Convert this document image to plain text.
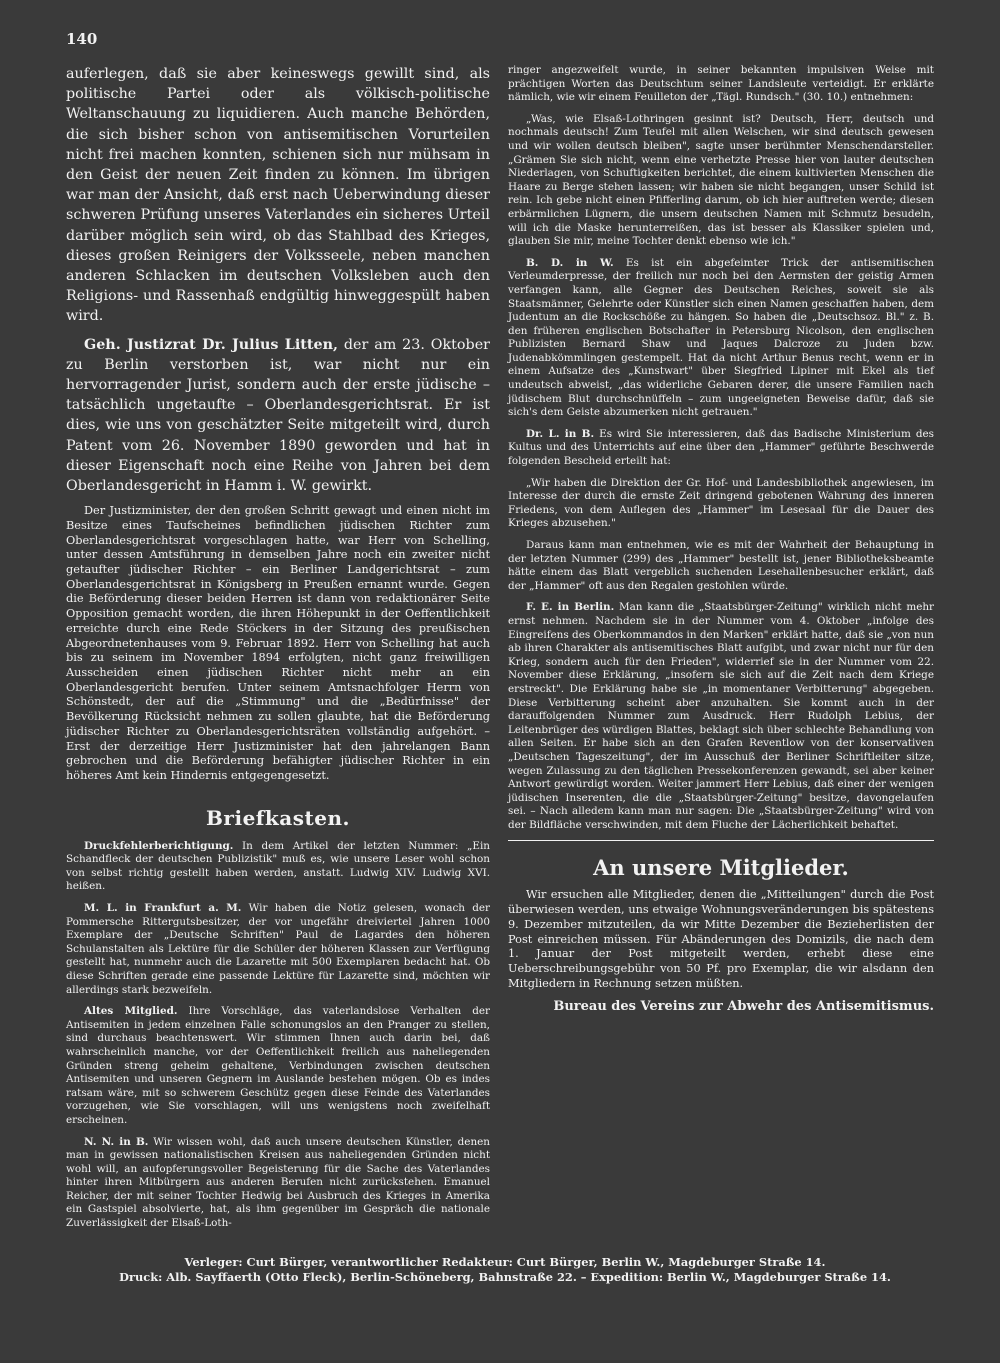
140

auferlegen, daß sie aber keineswegs gewillt sind, als politische Partei oder als völkisch-politische Weltanschauung zu liquidieren. Auch manche Behörden, die sich bisher schon von antisemitischen Vorurteilen nicht frei machen konnten, schienen sich nur mühsam in den Geist der neuen Zeit finden zu können. Im übrigen war man der Ansicht, daß erst nach Ueberwindung dieser schweren Prüfung unseres Vaterlandes ein sicheres Urteil darüber möglich sein wird, ob das Stahlbad des Krieges, dieses großen Reinigers der Volksseele, neben manchen anderen Schlacken im deutschen Volksleben auch den Religions- und Rassenhaß endgültig hinweggespült haben wird.

Geh. Justizrat Dr. Julius Litten, der am 23. Oktober zu Berlin verstorben ist, war nicht nur ein hervorragender Jurist, sondern auch der erste jüdische – tatsächlich ungetaufte – Oberlandesgerichtsrat. Er ist dies, wie uns von geschätzter Seite mitgeteilt wird, durch Patent vom 26. November 1890 geworden und hat in dieser Eigenschaft noch eine Reihe von Jahren bei dem Oberlandesgericht in Hamm i. W. gewirkt.

Der Justizminister, der den großen Schritt gewagt und einen nicht im Besitze eines Taufscheines befindlichen jüdischen Richter zum Oberlandesgerichtsrat vorgeschlagen hatte, war Herr von Schelling, unter dessen Amtsführung in demselben Jahre noch ein zweiter nicht getaufter jüdischer Richter – ein Berliner Landgerichtsrat – zum Oberlandesgerichtsrat in Königsberg in Preußen ernannt wurde. Gegen die Beförderung dieser beiden Herren ist dann von redaktionärer Seite Opposition gemacht worden, die ihren Höhepunkt in der Oeffentlichkeit erreichte durch eine Rede Stöckers in der Sitzung des preußischen Abgeordnetenhauses vom 9. Februar 1892. Herr von Schelling hat auch bis zu seinem im November 1894 erfolgten, nicht ganz freiwilligen Ausscheiden einen jüdischen Richter nicht mehr an ein Oberlandesgericht berufen. Unter seinem Amtsnachfolger Herrn von Schönstedt, der auf die „Stimmung" und die „Bedürfnisse" der Bevölkerung Rücksicht nehmen zu sollen glaubte, hat die Beförderung jüdischer Richter zu Oberlandesgerichtsräten vollständig aufgehört. – Erst der derzeitige Herr Justizminister hat den jahrelangen Bann gebrochen und die Beförderung befähigter jüdischer Richter in ein höheres Amt kein Hindernis entgegengesetzt.

Briefkasten.

Druckfehlerberichtigung. In dem Artikel der letzten Nummer: „Ein Schandfleck der deutschen Publizistik" muß es, wie unsere Leser wohl schon von selbst richtig gestellt haben werden, anstatt. Ludwig XIV. Ludwig XVI. heißen.

M. L. in Frankfurt a. M. Wir haben die Notiz gelesen, wonach der Pommersche Rittergutsbesitzer, der vor ungefähr dreiviertel Jahren 1000 Exemplare der „Deutsche Schriften" Paul de Lagardes den höheren Schulanstalten als Lektüre für die Schüler der höheren Klassen zur Verfügung gestellt hat, nunmehr auch die Lazarette mit 500 Exemplaren bedacht hat. Ob diese Schriften gerade eine passende Lektüre für Lazarette sind, möchten wir allerdings stark bezweifeln.

Altes Mitglied. Ihre Vorschläge, das vaterlandslose Verhalten der Antisemiten in jedem einzelnen Falle schonungslos an den Pranger zu stellen, sind durchaus beachtenswert. Wir stimmen Ihnen auch darin bei, daß wahrscheinlich manche, vor der Oeffentlichkeit freilich aus naheliegenden Gründen streng geheim gehaltene, Verbindungen zwischen deutschen Antisemiten und unseren Gegnern im Auslande bestehen mögen. Ob es indes ratsam wäre, mit so schwerem Geschütz gegen diese Feinde des Vaterlandes vorzugehen, wie Sie vorschlagen, will uns wenigstens noch zweifelhaft erscheinen.

N. N. in B. Wir wissen wohl, daß auch unsere deutschen Künstler, denen man in gewissen nationalistischen Kreisen aus naheliegenden Gründen nicht wohl will, an aufopferungsvoller Begeisterung für die Sache des Vaterlandes hinter ihren Mitbürgern aus anderen Berufen nicht zurückstehen. Emanuel Reicher, der mit seiner Tochter Hedwig bei Ausbruch des Krieges in Amerika ein Gastspiel absolvierte, hat, als ihm gegenüber im Gespräch die nationale Zuverlässigkeit der Elsaß-Loth-

ringer angezweifelt wurde, in seiner bekannten impulsiven Weise mit prächtigen Worten das Deutschtum seiner Landsleute verteidigt. Er erklärte nämlich, wie wir einem Feuilleton der „Tägl. Rundsch." (30. 10.) entnehmen:

„Was, wie Elsaß-Lothringen gesinnt ist? Deutsch, Herr, deutsch und nochmals deutsch! Zum Teufel mit allen Welschen, wir sind deutsch gewesen und wir wollen deutsch bleiben", sagte unser berühmter Menschendarsteller. „Grämen Sie sich nicht, wenn eine verhetzte Presse hier von lauter deutschen Niederlagen, von Schuftigkeiten berichtet, die einem kultivierten Menschen die Haare zu Berge stehen lassen; wir haben sie nicht begangen, unser Schild ist rein. Ich gebe nicht einen Pfifferling darum, ob ich hier auftreten werde; diesen erbärmlichen Lügnern, die unsern deutschen Namen mit Schmutz besudeln, will ich die Maske herunterreißen, das ist besser als Klassiker spielen und, glauben Sie mir, meine Tochter denkt ebenso wie ich."

B. D. in W. Es ist ein abgefeimter Trick der antisemitischen Verleumderpresse, der freilich nur noch bei den Aermsten der geistig Armen verfangen kann, alle Gegner des Deutschen Reiches, soweit sie als Staatsmänner, Gelehrte oder Künstler sich einen Namen geschaffen haben, dem Judentum an die Rockschöße zu hängen. So haben die „Deutschsoz. Bl." z. B. den früheren englischen Botschafter in Petersburg Nicolson, den englischen Publizisten Bernard Shaw und Jaques Dalcroze zu Juden bzw. Judenabkömmlingen gestempelt. Hat da nicht Arthur Benus recht, wenn er in einem Aufsatze des „Kunstwart" über Siegfried Lipiner mit Ekel als tief undeutsch abweist, „das widerliche Gebaren derer, die unsere Familien nach jüdischem Blut durchschnüffeln – zum ungeeigneten Beweise dafür, daß sie sich's dem Geiste abzumerken nicht getrauen."

Dr. L. in B. Es wird Sie interessieren, daß das Badische Ministerium des Kultus und des Unterrichts auf eine über den „Hammer" geführte Beschwerde folgenden Bescheid erteilt hat:

„Wir haben die Direktion der Gr. Hof- und Landesbibliothek angewiesen, im Interesse der durch die ernste Zeit dringend gebotenen Wahrung des inneren Friedens, von dem Auflegen des „Hammer" im Lesesaal für die Dauer des Krieges abzusehen."

Daraus kann man entnehmen, wie es mit der Wahrheit der Behauptung in der letzten Nummer (299) des „Hammer" bestellt ist, jener Bibliotheksbeamte hätte einem das Blatt vergeblich suchenden Lesehallenbesucher erklärt, daß der „Hammer" oft aus den Regalen gestohlen würde.

F. E. in Berlin. Man kann die „Staatsbürger-Zeitung" wirklich nicht mehr ernst nehmen. Nachdem sie in der Nummer vom 4. Oktober „infolge des Eingreifens des Oberkommandos in den Marken" erklärt hatte, daß sie „von nun ab ihren Charakter als antisemitisches Blatt aufgibt, und zwar nicht nur für den Krieg, sondern auch für den Frieden", widerrief sie in der Nummer vom 22. November diese Erklärung, „insofern sie sich auf die Zeit nach dem Kriege erstreckt". Die Erklärung habe sie „in momentaner Verbitterung" abgegeben. Diese Verbitterung scheint aber anzuhalten. Sie kommt auch in der darauffolgenden Nummer zum Ausdruck. Herr Rudolph Lebius, der Leitenbrüger des würdigen Blattes, beklagt sich über schlechte Behandlung von allen Seiten. Er habe sich an den Grafen Reventlow von der konservativen „Deutschen Tageszeitung", der im Ausschuß der Berliner Schriftleiter sitze, wegen Zulassung zu den täglichen Pressekonferenzen gewandt, sei aber keiner Antwort gewürdigt worden. Weiter jammert Herr Lebius, daß einer der wenigen jüdischen Inserenten, die die „Staatsbürger-Zeitung" besitze, davongelaufen sei. – Nach alledem kann man nur sagen: Die „Staatsbürger-Zeitung" wird von der Bildfläche verschwinden, mit dem Fluche der Lächerlichkeit behaftet.

An unsere Mitglieder.

Wir ersuchen alle Mitglieder, denen die „Mitteilungen" durch die Post überwiesen werden, uns etwaige Wohnungsveränderungen bis spätestens 9. Dezember mitzuteilen, da wir Mitte Dezember die Bezieherlisten der Post einreichen müssen. Für Abänderungen des Domizils, die nach dem 1. Januar der Post mitgeteilt werden, erhebt diese eine Ueberschreibungsgebühr von 50 Pf. pro Exemplar, die wir alsdann den Mitgliedern in Rechnung setzen müßten.

Bureau des Vereins zur Abwehr des Antisemitismus.
Verleger: Curt Bürger, verantwortlicher Redakteur: Curt Bürger, Berlin W., Magdeburger Straße 14.
Druck: Alb. Sayffaerth (Otto Fleck), Berlin-Schöneberg, Bahnstraße 22. – Expedition: Berlin W., Magdeburger Straße 14.
